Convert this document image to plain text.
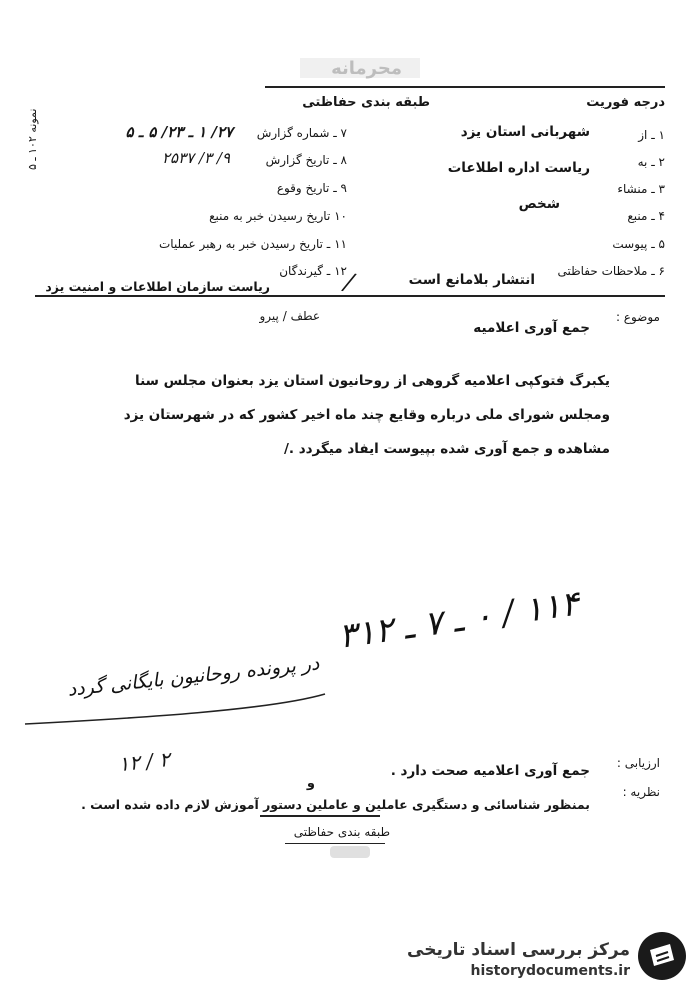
محرمانه
درجه فوریت
طبقه بندی حفاظتی
نمونه ۱۰۲ ـ ۵	۱ ـ از
شهربانی استان یزد
۲ ـ به
ریاست اداره اطلاعات
۳ ـ منشاء
۴ ـ منبع
شخص
۵ ـ پیوست
۶ ـ ملاحظات حفاظتی
انتشار بلامانع است
۷ ـ شماره گزارش
۲۷/ ۱ ـ ۲۳/ ۵ ـ ۵
۸ ـ تاریخ گزارش
۹/ ۳/ ۲۵۳۷
۹ ـ تاریخ وقوع
۱۰ تاریخ رسیدن خبر به منبع
۱۱ ـ تاریخ رسیدن خبر به رهبر عملیات
۱۲ ـ گیرندگان
ریاست سازمان اطلاعات و امنیت یزد	/
عطف / پیرو	موضوع :
جمع آوری اعلامیه
یکبرگ فتوکپی اعلامیه گروهی از روحانیون استان یزد بعنوان مجلس سنا
ومجلس شورای ملی درباره وقایع چند ماه اخیر کشور که در شهرستان یزد
مشاهده و جمع آوری شده بپیوست ایفاد میگردد ./
۱۱۴ / ۰ ـ ۷ ـ ۳۱۲
در پرونده روحانیون بایگانی گردد
۲ / ۱۲	ارزیابی :
جمع آوری اعلامیه صحت دارد .
نظریه :
و
بمنظور شناسائی و دستگیری عاملین و عاملین دستور آموزش لازم داده شده است .
طبقه بندی حفاظتی
مرکز بررسی اسناد تاریخی
historydocuments.ir
